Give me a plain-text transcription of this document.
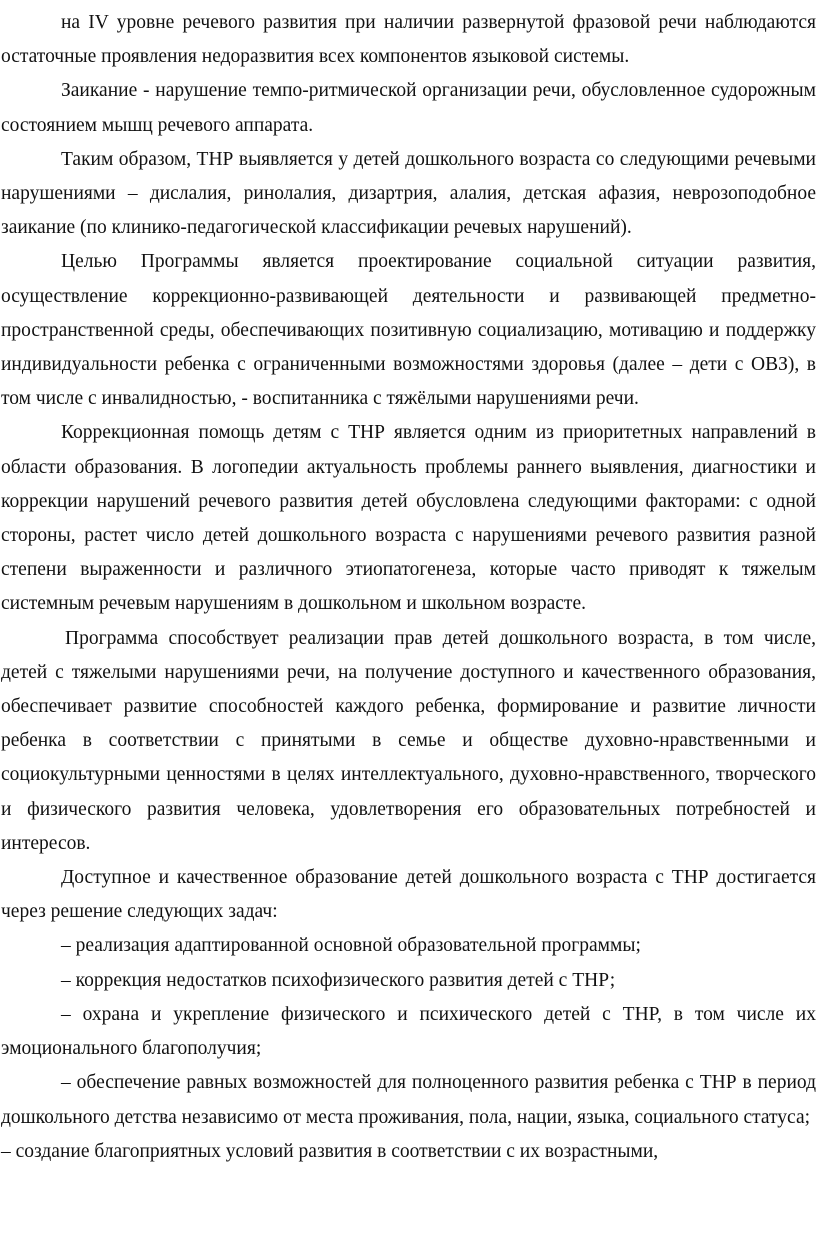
на IV уровне речевого развития при наличии развернутой фразовой речи наблюдаются остаточные проявления недоразвития всех компонентов языковой системы.

Заикание - нарушение темпо-ритмической организации речи, обусловленное судорожным состоянием мышц речевого аппарата.

Таким образом, ТНР выявляется у детей дошкольного возраста со следующими речевыми нарушениями – дислалия, ринолалия, дизартрия, алалия, детская афазия, неврозоподобное заикание (по клинико-педагогической классификации речевых нарушений).

Целью Программы является проектирование социальной ситуации развития, осуществление коррекционно-развивающей деятельности и развивающей предметно-пространственной среды, обеспечивающих позитивную социализацию, мотивацию и поддержку индивидуальности ребенка с ограниченными возможностями здоровья (далее – дети с ОВЗ), в том числе с инвалидностью, - воспитанника с тяжёлыми нарушениями речи.

Коррекционная помощь детям с ТНР является одним из приоритетных направлений в области образования. В логопедии актуальность проблемы раннего выявления, диагностики и коррекции нарушений речевого развития детей обусловлена следующими факторами: с одной стороны, растет число детей дошкольного возраста с нарушениями речевого развития разной степени выраженности и различного этиопатогенеза, которые часто приводят к тяжелым системным речевым нарушениям в дошкольном и школьном возрасте.

Программа способствует реализации прав детей дошкольного возраста, в том числе, детей с тяжелыми нарушениями речи, на получение доступного и качественного образования, обеспечивает развитие способностей каждого ребенка, формирование и развитие личности ребенка в соответствии с принятыми в семье и обществе духовно-нравственными и социокультурными ценностями в целях интеллектуального, духовно-нравственного, творческого и физического развития человека, удовлетворения его образовательных потребностей и интересов.

Доступное и качественное образование детей дошкольного возраста с ТНР достигается через решение следующих задач:

– реализация адаптированной основной образовательной программы;

– коррекция недостатков психофизического развития детей с ТНР;

– охрана и укрепление физического и психического детей с ТНР, в том числе их эмоционального благополучия;

– обеспечение равных возможностей для полноценного развития ребенка с ТНР в период дошкольного детства независимо от места проживания, пола, нации, языка, социального статуса;

– создание благоприятных условий развития в соответствии с их возрастными,
